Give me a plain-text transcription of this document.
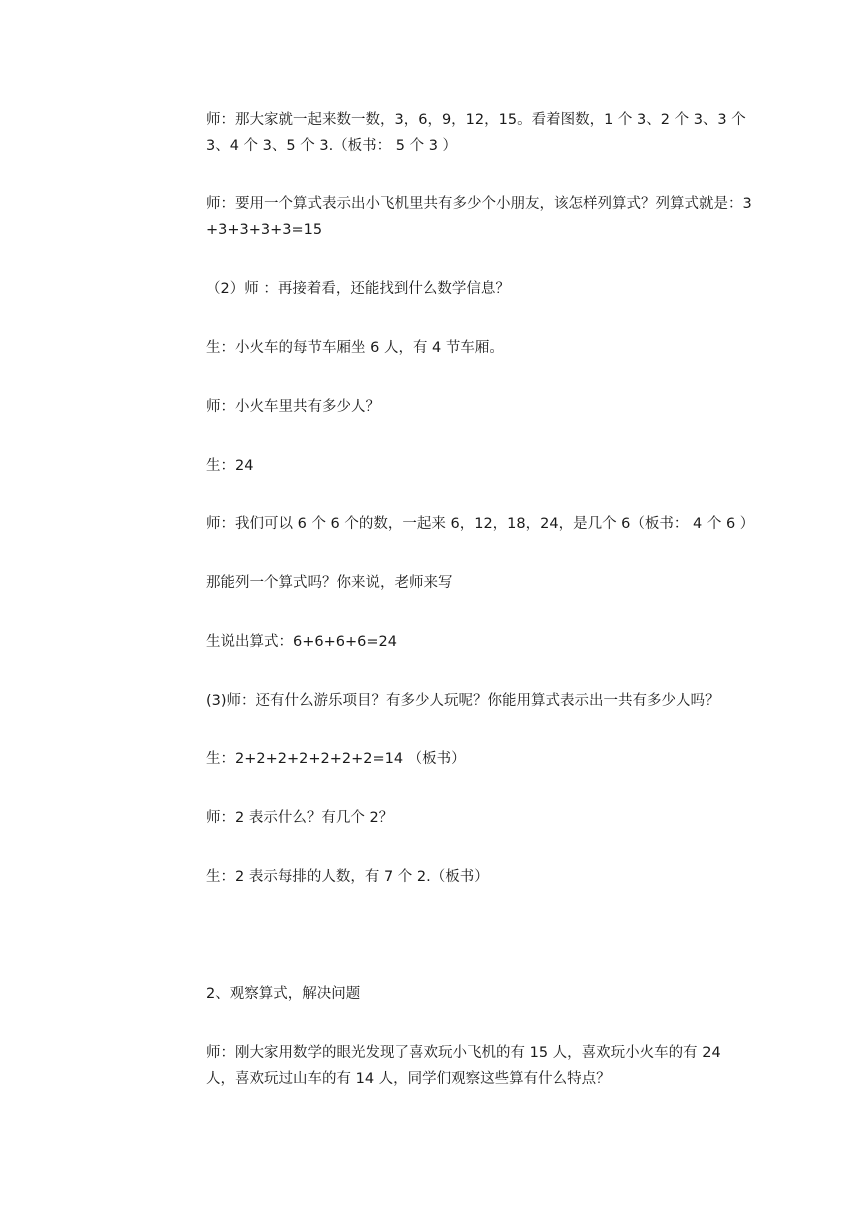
师：那大家就一起来数一数，3，6，9，12，15。看着图数，1 个 3、2 个 3、3 个 3、4 个 3、5 个 3.（板书： 5 个 3 ）

师：要用一个算式表示出小飞机里共有多少个小朋友，该怎样列算式？列算式就是：3+3+3+3+3=15

（2）师 ：再接着看，还能找到什么数学信息？

生：小火车的每节车厢坐 6 人，有 4 节车厢。

师：小火车里共有多少人？

生：24

师：我们可以 6 个 6 个的数，一起来 6，12，18，24，是几个 6（板书： 4 个 6 ）

那能列一个算式吗？你来说，老师来写

生说出算式：6+6+6+6=24

(3)师：还有什么游乐项目？有多少人玩呢？你能用算式表示出一共有多少人吗？

生：2+2+2+2+2+2+2=14 （板书）

师：2 表示什么？有几个 2？

生：2 表示每排的人数，有 7 个 2.（板书）

2、观察算式，解决问题

师：刚大家用数学的眼光发现了喜欢玩小飞机的有 15 人，喜欢玩小火车的有 24 人，喜欢玩过山车的有 14 人，同学们观察这些算有什么特点？
